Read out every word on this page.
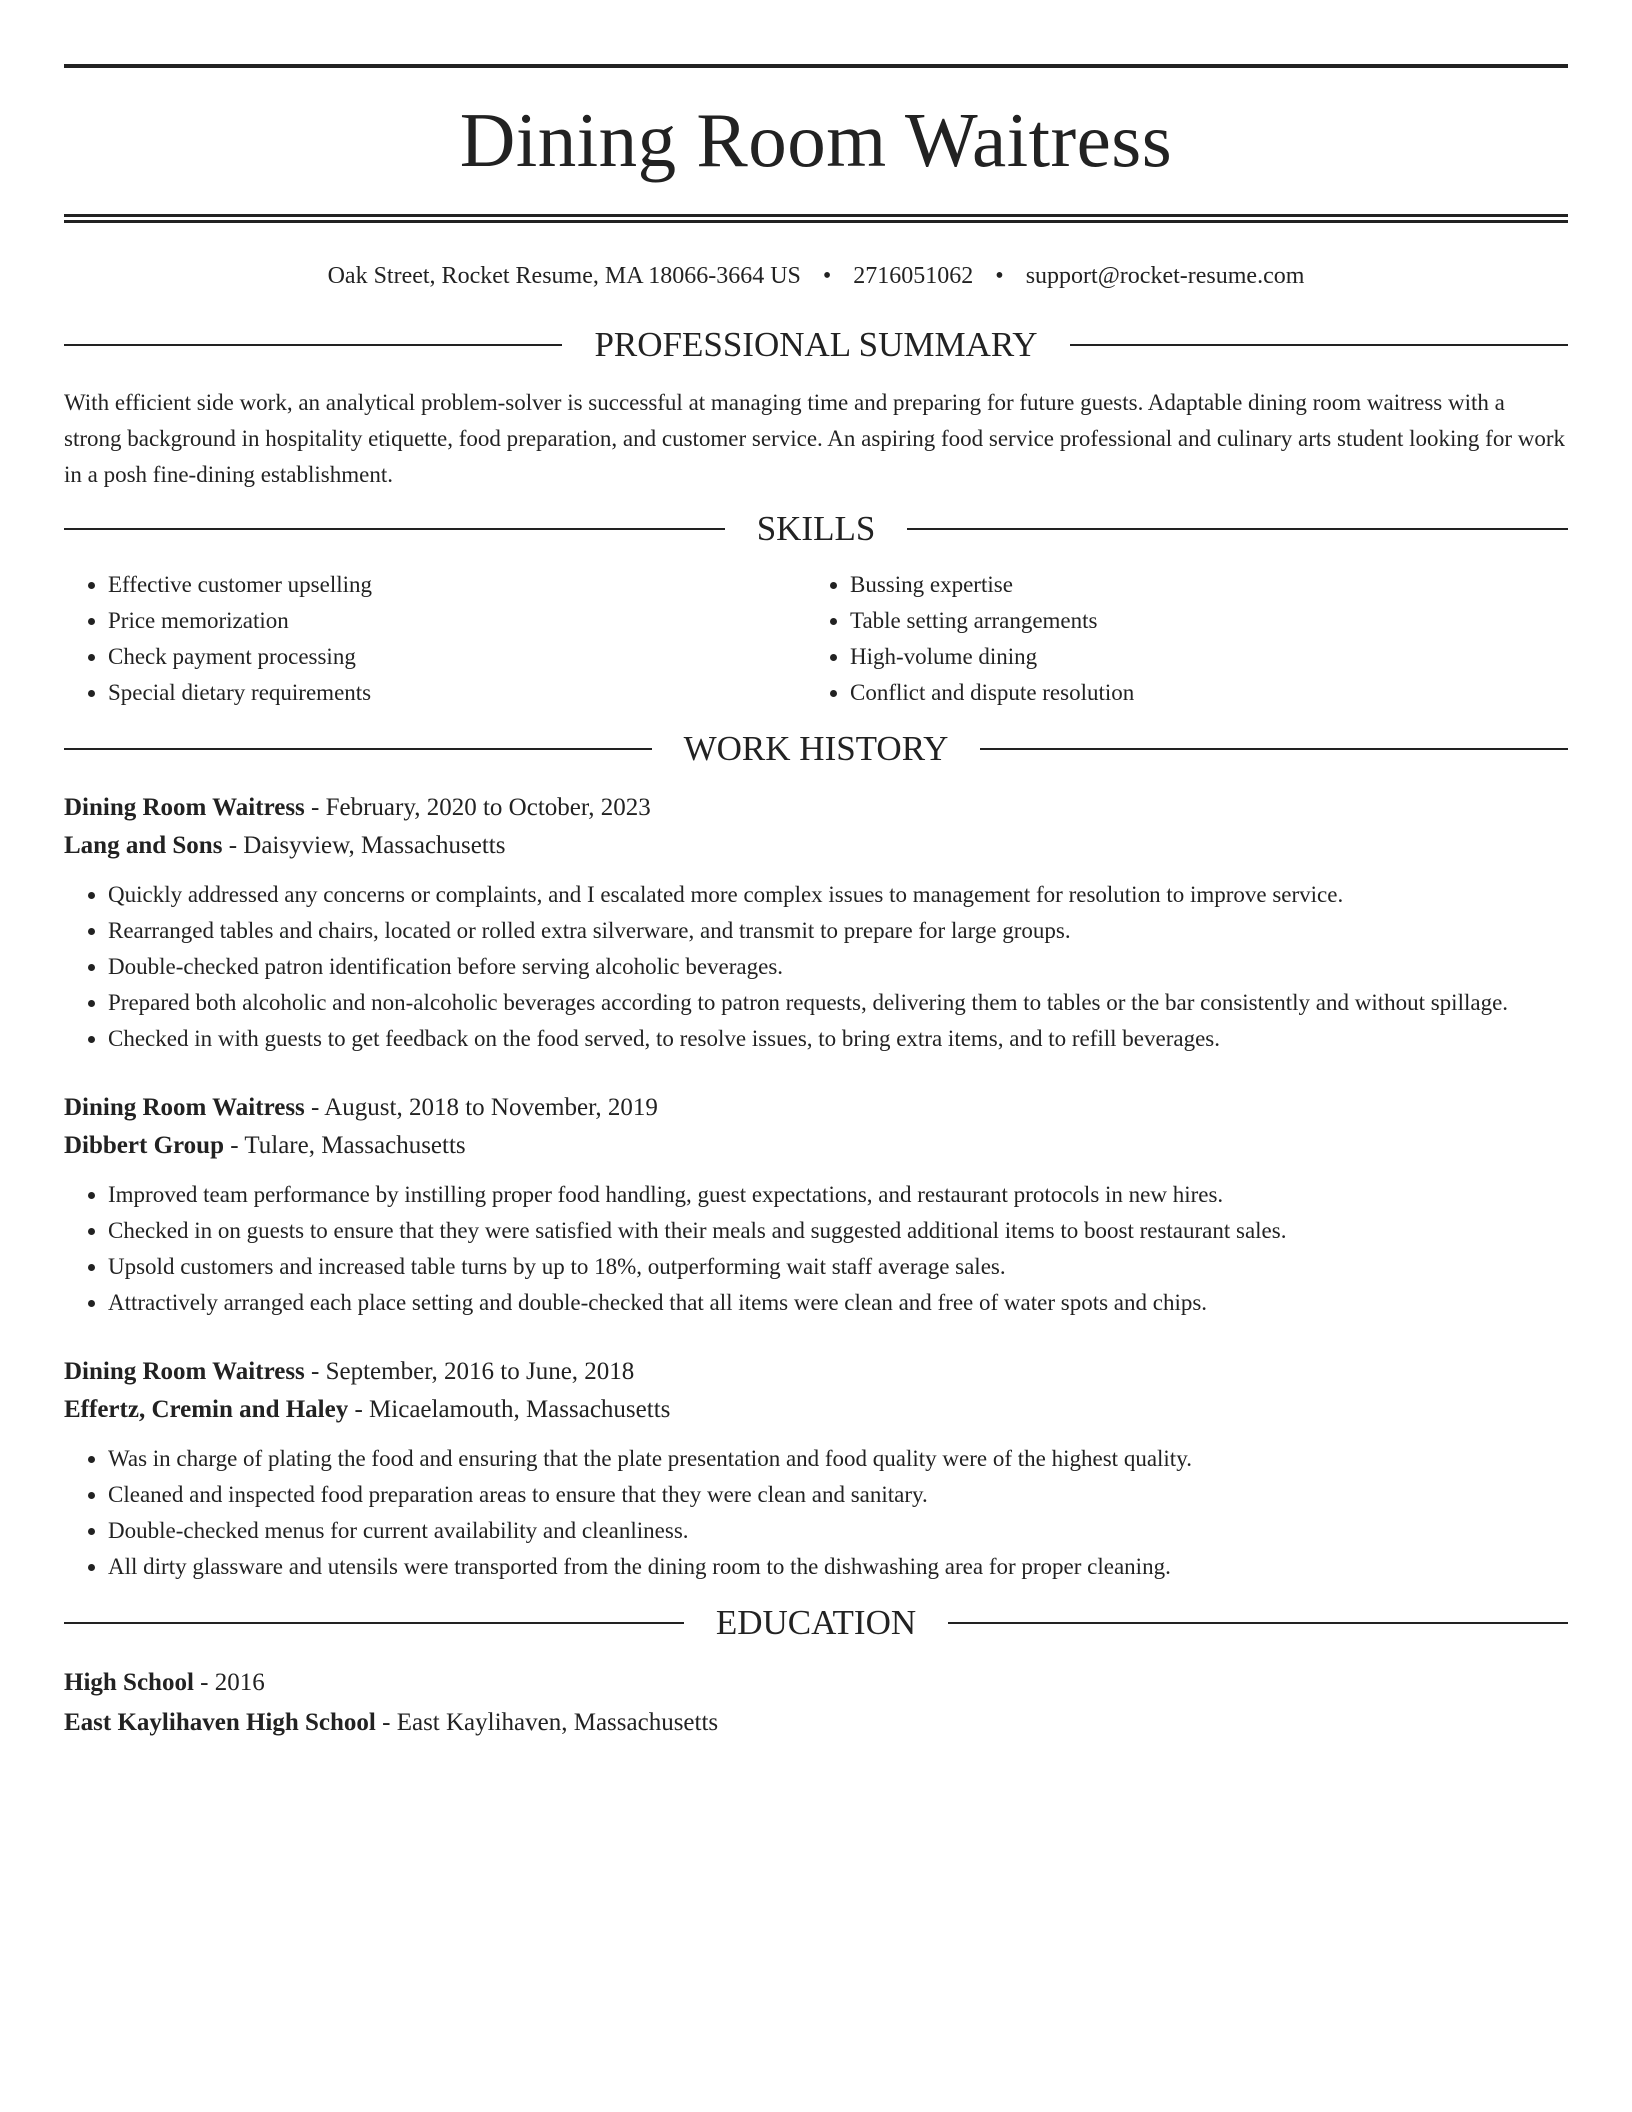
Dining Room Waitress
Oak Street, Rocket Resume, MA 18066-3664 US • 2716051062 • support@rocket-resume.com
PROFESSIONAL SUMMARY
With efficient side work, an analytical problem-solver is successful at managing time and preparing for future guests. Adaptable dining room waitress with a strong background in hospitality etiquette, food preparation, and customer service. An aspiring food service professional and culinary arts student looking for work in a posh fine-dining establishment.
SKILLS
• Effective customer upselling
• Price memorization
• Check payment processing
• Special dietary requirements
• Bussing expertise
• Table setting arrangements
• High-volume dining
• Conflict and dispute resolution
WORK HISTORY
Dining Room Waitress - February, 2020 to October, 2023
Lang and Sons - Daisyview, Massachusetts
• Quickly addressed any concerns or complaints, and I escalated more complex issues to management for resolution to improve service.
• Rearranged tables and chairs, located or rolled extra silverware, and transmit to prepare for large groups.
• Double-checked patron identification before serving alcoholic beverages.
• Prepared both alcoholic and non-alcoholic beverages according to patron requests, delivering them to tables or the bar consistently and without spillage.
• Checked in with guests to get feedback on the food served, to resolve issues, to bring extra items, and to refill beverages.
Dining Room Waitress - August, 2018 to November, 2019
Dibbert Group - Tulare, Massachusetts
• Improved team performance by instilling proper food handling, guest expectations, and restaurant protocols in new hires.
• Checked in on guests to ensure that they were satisfied with their meals and suggested additional items to boost restaurant sales.
• Upsold customers and increased table turns by up to 18%, outperforming wait staff average sales.
• Attractively arranged each place setting and double-checked that all items were clean and free of water spots and chips.
Dining Room Waitress - September, 2016 to June, 2018
Effertz, Cremin and Haley - Micaelamouth, Massachusetts
• Was in charge of plating the food and ensuring that the plate presentation and food quality were of the highest quality.
• Cleaned and inspected food preparation areas to ensure that they were clean and sanitary.
• Double-checked menus for current availability and cleanliness.
• All dirty glassware and utensils were transported from the dining room to the dishwashing area for proper cleaning.
EDUCATION
High School - 2016
East Kaylihaven High School - East Kaylihaven, Massachusetts
